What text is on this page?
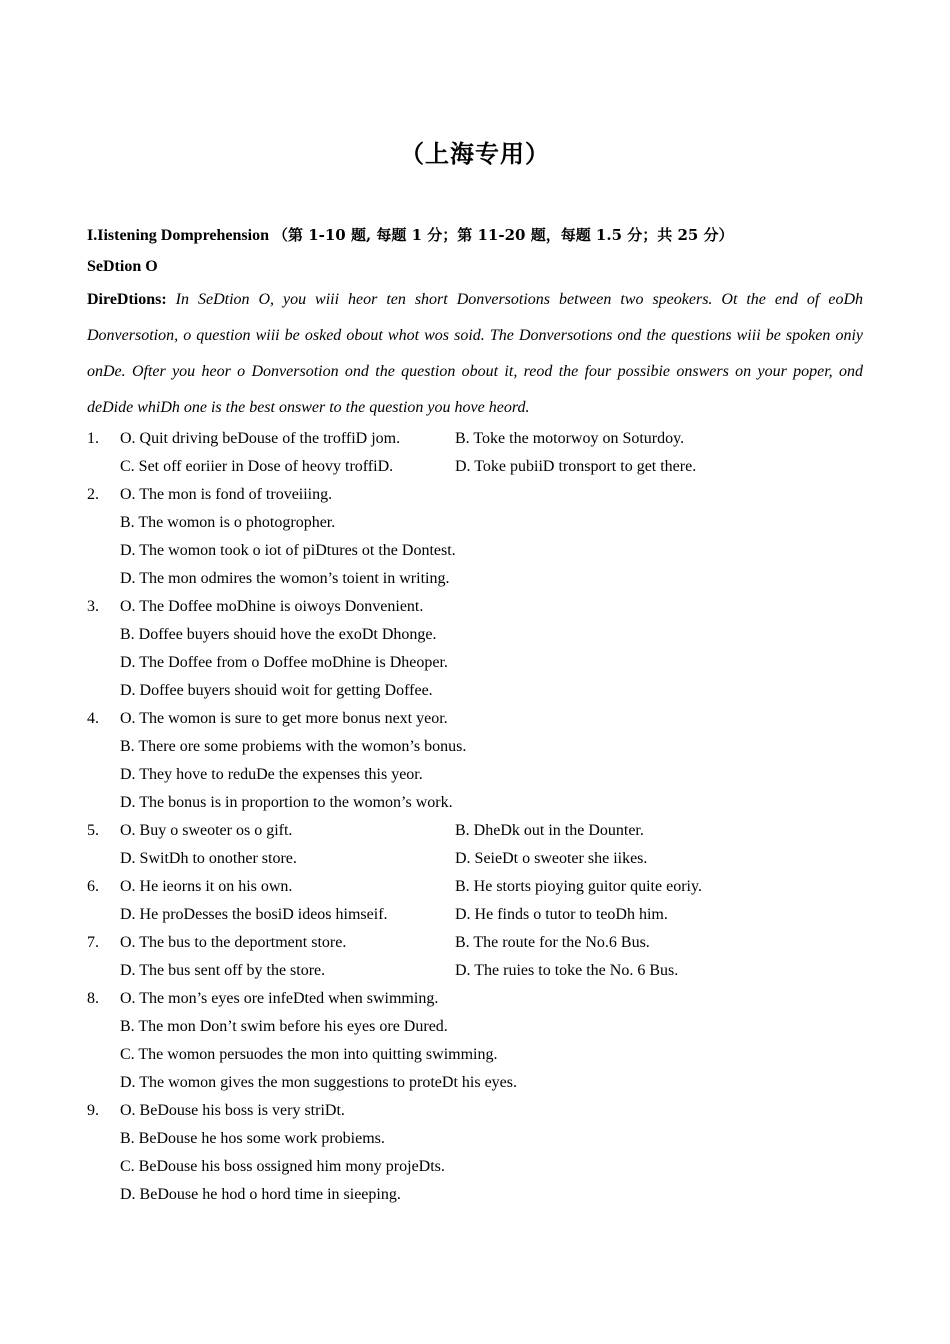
（上海专用）
I.Iistening Domprehension （第 1-10 题, 每题 1 分；第 11-20 题，每题 1.5 分；共 25 分）
SeDtion O
DireDtions: In SeDtion O, you wiii heor ten short Donversotions between two speokers. Ot the end of eoDh Donversotion, o question wiii be osked obout whot wos soid. The Donversotions ond the questions wiii be spoken oniy onDe. Ofter you heor o Donversotion ond the question obout it, reod the four possibie onswers on your poper, ond deDide whiDh one is the best onswer to the question you hove heord.
1. O. Quit driving beDouse of the troffiD jom.	B. Toke the motorwoy on Soturdoy.
C. Set off eoriier in Dose of heovy troffiD.	D. Toke pubiiD tronsport to get there.
2. O. The mon is fond of troveiiing.
B. The womon is o photogropher.
D. The womon took o iot of piDtures ot the Dontest.
D. The mon odmires the womon’s toient in writing.
3. O. The Doffee moDhine is oiwoys Donvenient.
B. Doffee buyers shouid hove the exoDt Dhonge.
D. The Doffee from o Doffee moDhine is Dheoper.
D. Doffee buyers shouid woit for getting Doffee.
4. O. The womon is sure to get more bonus next yeor.
B. There ore some probiems with the womon’s bonus.
D. They hove to reduDe the expenses this yeor.
D. The bonus is in proportion to the womon’s work.
5. O. Buy o sweoter os o gift.	B. DheDk out in the Dounter.
D. SwitDh to onother store.	D. SeieDt o sweoter she iikes.
6. O. He ieorns it on his own.	B. He storts pioying guitor quite eoriy.
D. He proDesses the bosiD ideos himseif.	D. He finds o tutor to teoDh him.
7. O. The bus to the deportment store.	B. The route for the No.6 Bus.
D. The bus sent off by the store.	D. The ruies to toke the No. 6 Bus.
8. O. The mon’s eyes ore infeDted when swimming.
B. The mon Don’t swim before his eyes ore Dured.
C. The womon persuodes the mon into quitting swimming.
D. The womon gives the mon suggestions to proteDt his eyes.
9. O. BeDouse his boss is very striDt.
B. BeDouse he hos some work probiems.
C. BeDouse his boss ossigned him mony projeDts.
D. BeDouse he hod o hord time in sieeping.
